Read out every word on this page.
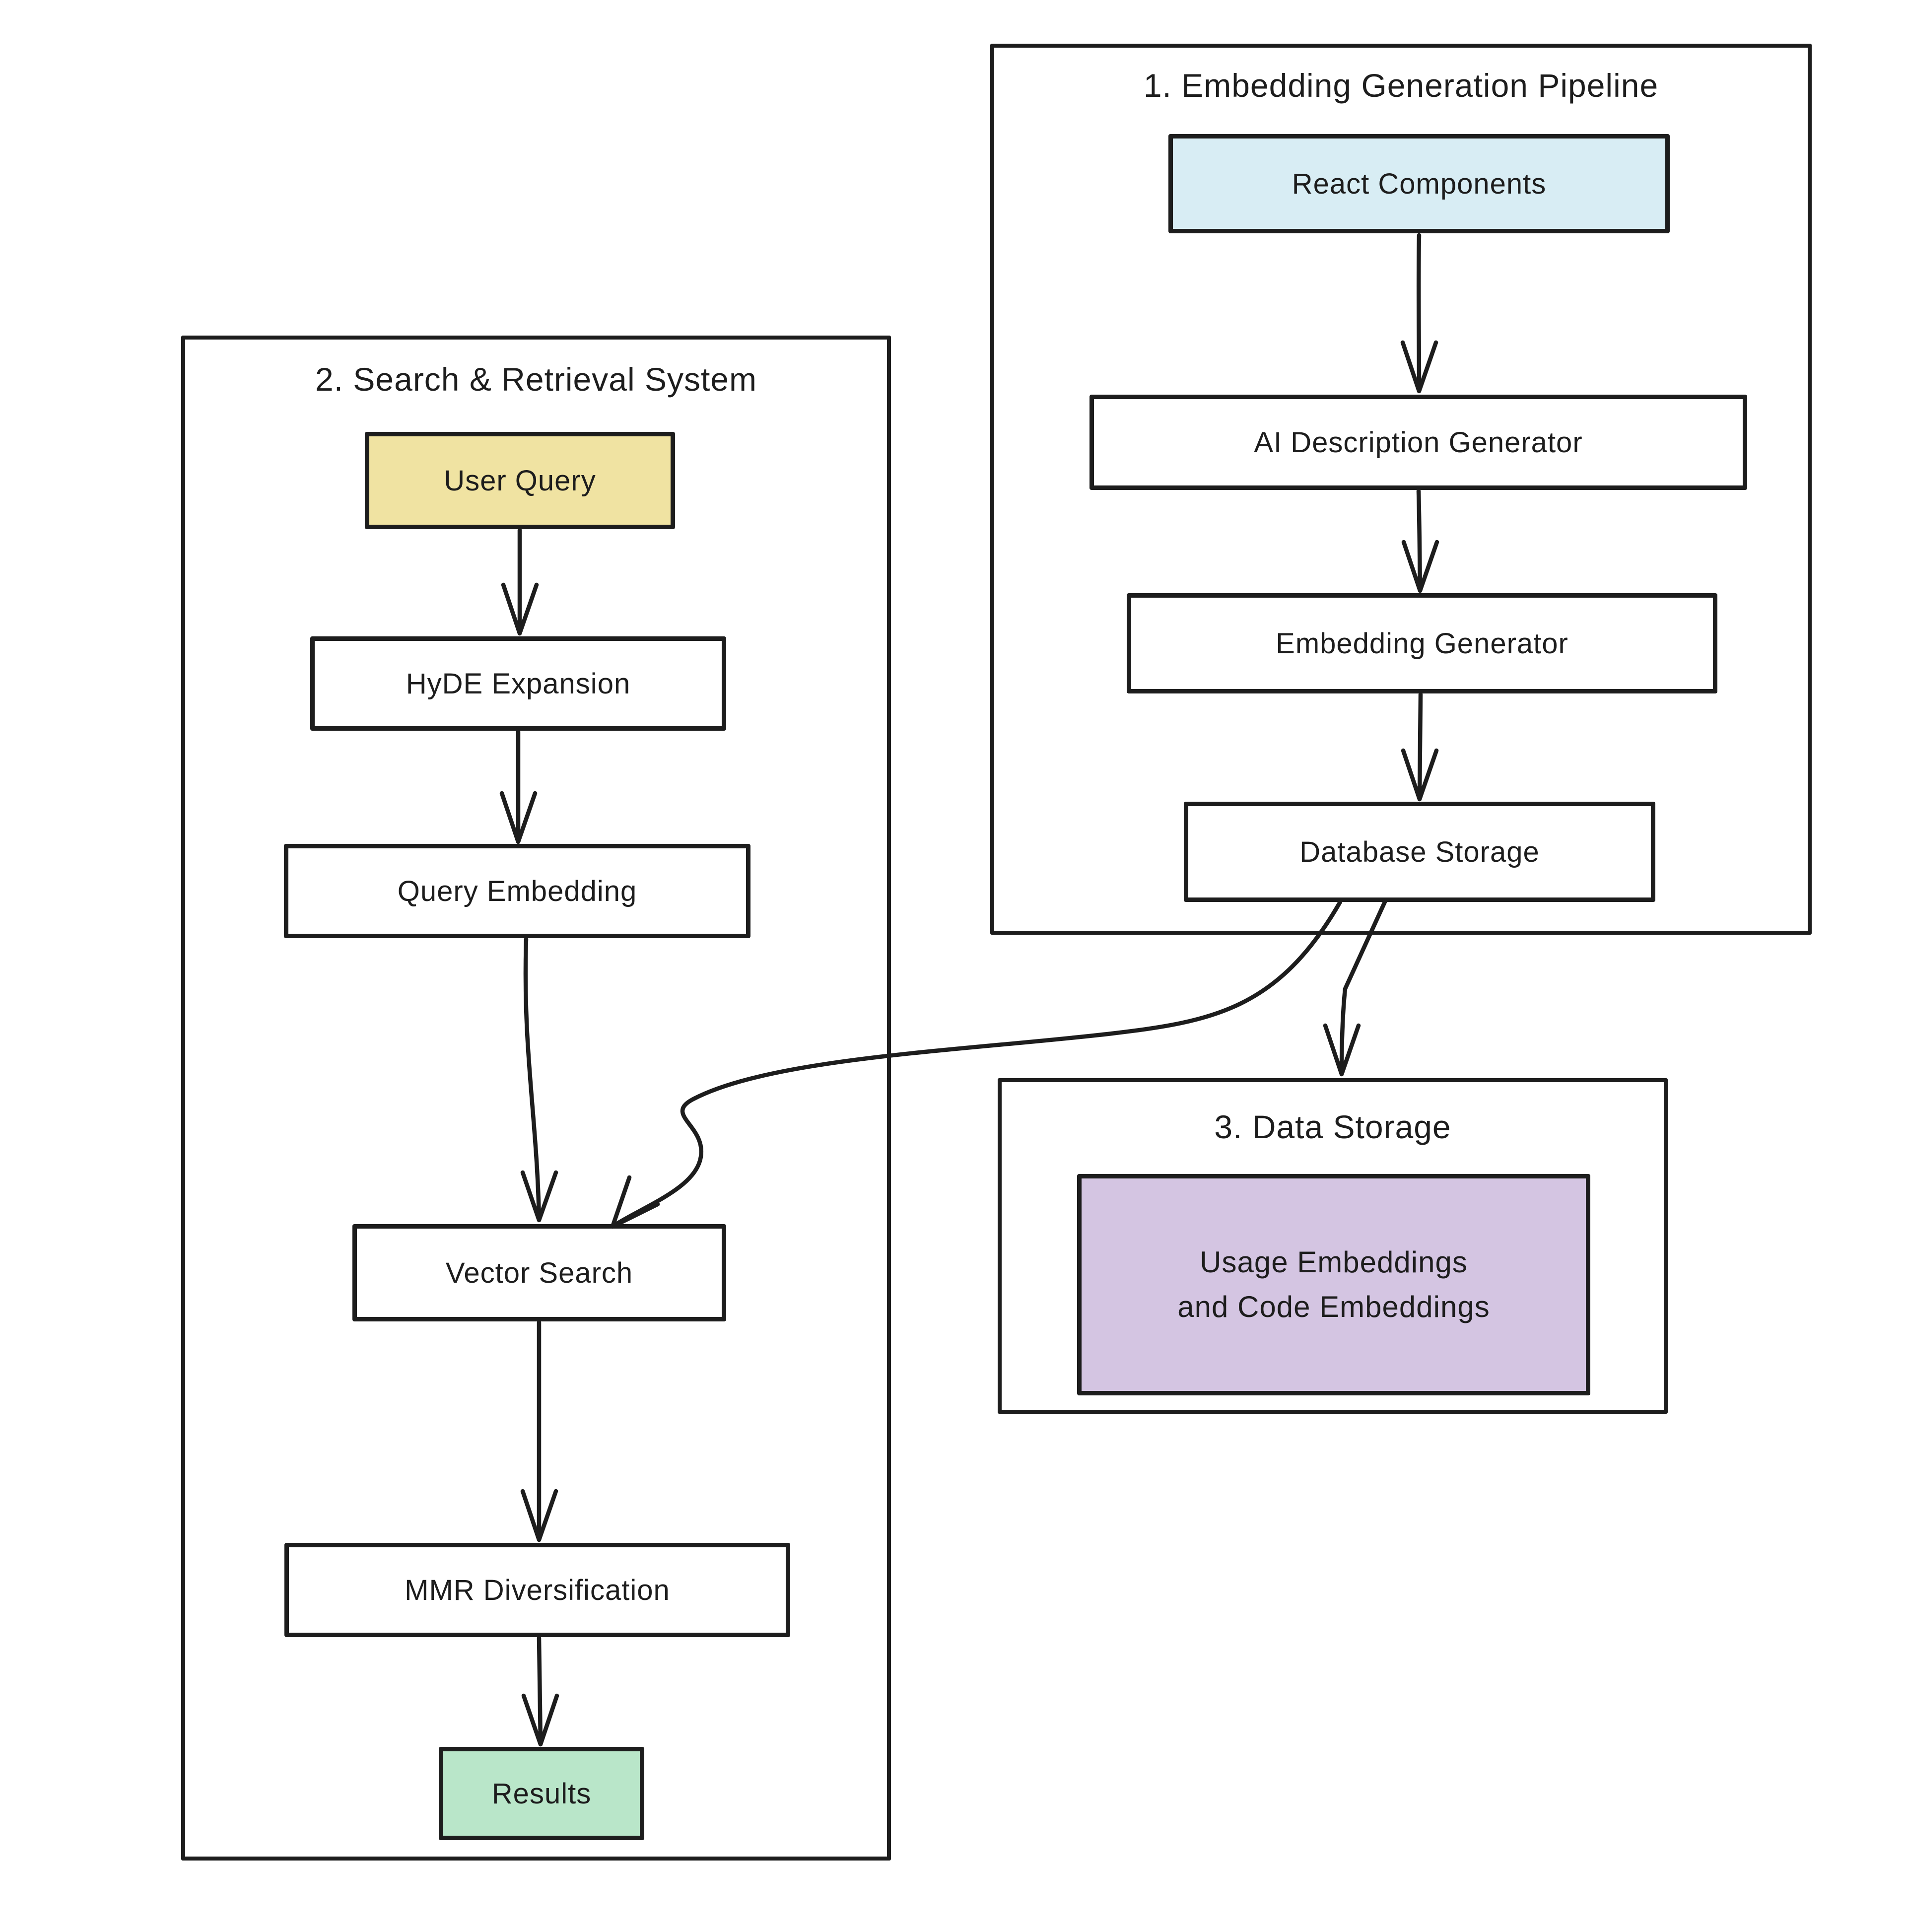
1. Embedding Generation Pipeline
2. Search & Retrieval System
3. Data Storage
React Components
AI Description Generator
Embedding Generator
Database Storage
User Query
HyDE Expansion
Query Embedding
Vector Search
MMR Diversification
Results
Usage Embeddings
and Code Embeddings
